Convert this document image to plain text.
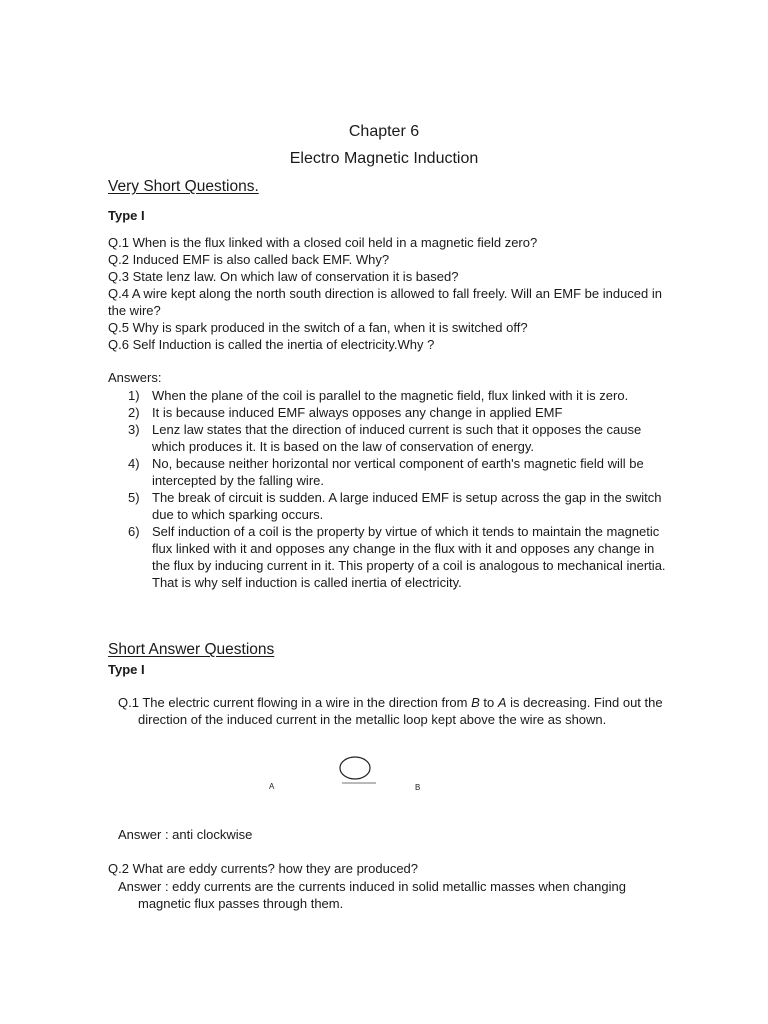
Chapter 6
Electro Magnetic Induction
Very Short Questions.
Type I
Q.1 When is the flux linked with a closed coil held in a magnetic field zero?
Q.2 Induced EMF is also called back EMF. Why?
Q.3 State lenz law. On which law of conservation it is based?
Q.4 A wire kept along the north south direction is allowed to fall freely. Will an EMF be induced in the wire?
Q.5 Why is spark produced in the switch of a fan, when it is switched off?
Q.6 Self Induction is called the inertia of electricity.Why ?
Answers:
1) When the plane of the coil is parallel to the magnetic field, flux linked with it is zero.
2) It is because induced EMF always opposes any change in applied EMF
3) Lenz law states that the direction of induced current is such that it opposes the cause which produces it. It is based on the law of conservation of energy.
4) No, because neither horizontal nor vertical component of earth's magnetic field will be intercepted by the falling wire.
5) The break of circuit is sudden. A large induced EMF is setup across the gap in the switch due to which sparking occurs.
6) Self induction of a coil is the property by virtue of which it tends to maintain the magnetic flux linked with it and opposes any change in the flux with it and opposes any change in the flux by inducing current in it. This property of a coil is analogous to mechanical inertia. That is why self induction is called inertia of electricity.
Short Answer Questions
Type I
Q.1 The electric current flowing in a wire in the direction from B to A is decreasing. Find out the direction of the induced current in the metallic loop kept above the wire as shown.
A	B
Answer : anti clockwise
Q.2 What are eddy currents? how they are produced?
Answer : eddy currents are the currents induced in solid metallic masses when changing magnetic flux passes through them.
